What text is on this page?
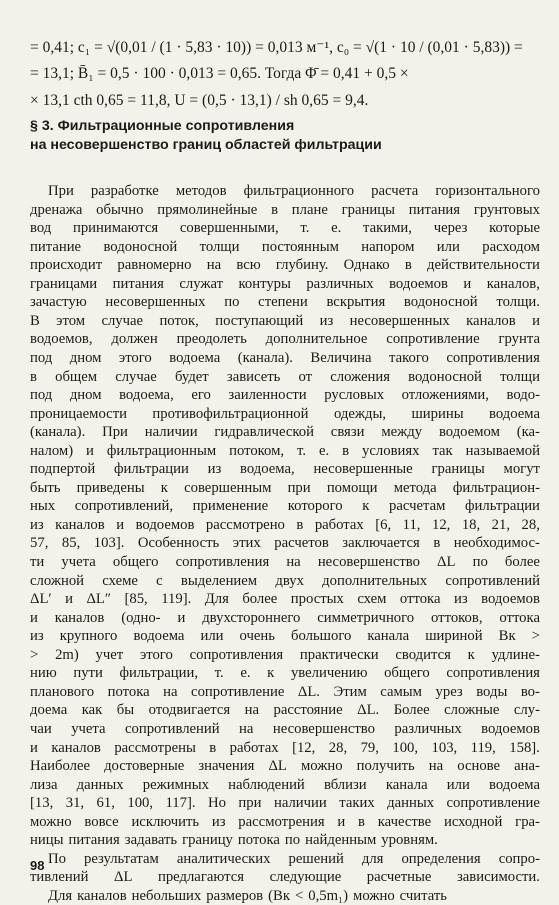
= 0,41; c₁ = √(0,01 / (1 · 5,83 · 10)) = 0,013 м⁻¹, c₀ = √(1 · 10 / (0,01 · 5,83)) =
= 13,1; B̄₁ = 0,5 · 100 · 0,013 = 0,65. Тогда Φ̄ = 0,41 + 0,5 ×
× 13,1 cth 0,65 = 11,8, U = (0,5 · 13,1) / sh 0,65 = 9,4.
§ 3. Фильтрационные сопротивления
на несовершенство границ областей фильтрации
При разработке методов фильтрационного расчета горизонтального
дренажа обычно прямолинейные в плане границы питания грунтовых
вод принимаются совершенными, т. е. такими, через которые
питание водоносной толщи постоянным напором или расходом
происходит равномерно на всю глубину. Однако в действительности
границами питания служат контуры различных водоемов и каналов,
зачастую несовершенных по степени вскрытия водоносной толщи.
В этом случае поток, поступающий из несовершенных каналов и
водоемов, должен преодолеть дополнительное сопротивление грунта
под дном этого водоема (канала). Величина такого сопротивления
в общем случае будет зависеть от сложения водоносной толщи
под дном водоема, его заиленности русловых отложениями, водо-
проницаемости противофильтрационной одежды, ширины водоема
(канала). При наличии гидравлической связи между водоемом (ка-
налом) и фильтрационным потоком, т. е. в условиях так называемой
подпертой фильтрации из водоема, несовершенные границы могут
быть приведены к совершенным при помощи метода фильтрацион-
ных сопротивлений, применение которого к расчетам фильтрации
из каналов и водоемов рассмотрено в работах [6, 11, 12, 18, 21, 28,
57, 85, 103]. Особенность этих расчетов заключается в необходимос-
ти учета общего сопротивления на несовершенство ΔL по более
сложной схеме с выделением двух дополнительных сопротивлений
ΔL′ и ΔL″ [85, 119]. Для более простых схем оттока из водоемов
и каналов (одно- и двухстороннего симметричного оттоков, оттока
из крупного водоема или очень большого канала шириной Bк >
> 2m) учет этого сопротивления практически сводится к удлине-
нию пути фильтрации, т. е. к увеличению общего сопротивления
планового потока на сопротивление ΔL. Этим самым урез воды во-
доема как бы отодвигается на расстояние ΔL. Более сложные слу-
чаи учета сопротивлений на несовершенство различных водоемов
и каналов рассмотрены в работах [12, 28, 79, 100, 103, 119, 158].
Наиболее достоверные значения ΔL можно получить на основе ана-
лиза данных режимных наблюдений вблизи канала или водоема
[13, 31, 61, 100, 117]. Но при наличии таких данных сопротивление
можно вовсе исключить из рассмотрения и в качестве исходной гра-
ницы питания задавать границу потока по найденным уровням.
По результатам аналитических решений для определения сопро-
тивлений ΔL предлагаются следующие расчетные зависимости.
Для каналов небольших размеров (Bк < 0,5m₁) можно считать
98
